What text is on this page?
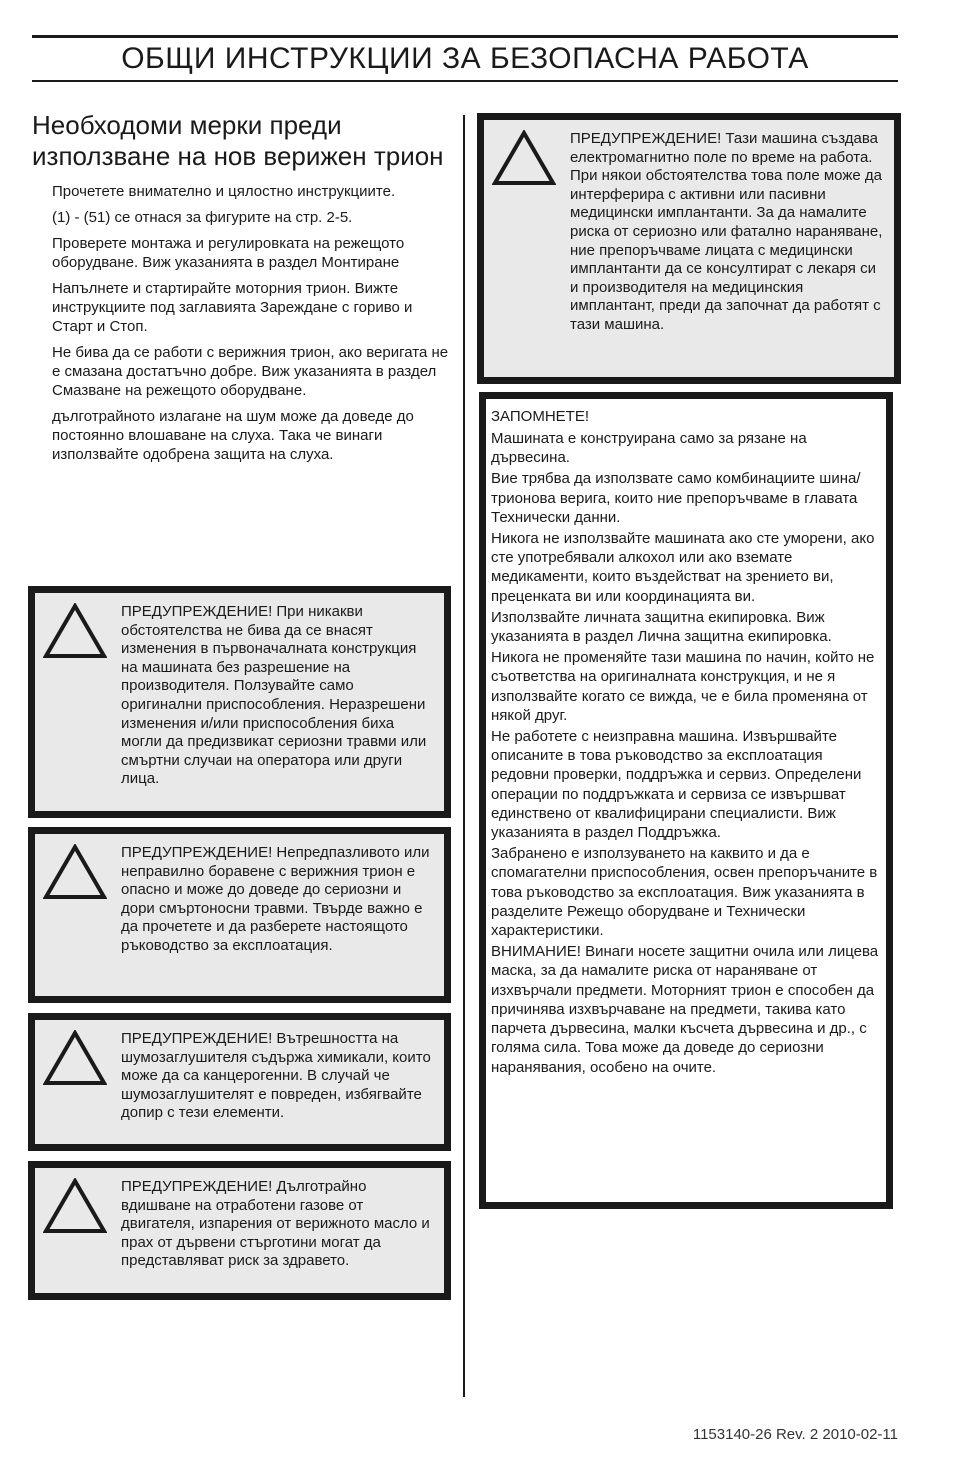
ОБЩИ ИНСТРУКЦИИ ЗА БЕЗОПАСНА РАБОТА
Необходоми мерки преди използване на нов верижен трион

Прочетете внимателно и цялостно инструкциите.

(1) - (51) се отнася за фигурите на стр. 2-5.

Проверете монтажа и регулировката на режещото оборудване. Виж указанията в раздел Монтиране

Напълнете и стартирайте моторния трион. Вижте инструкциите под заглавията Зареждане с гориво и Старт и Стоп.

Не бива да се работи с верижния трион, ако веригата не е смазана достатъчно добре. Виж указанията в раздел Смазване на режещото оборудване.

дълготрайното излагане на шум може да доведе до постоянно влошаване на слуха. Така че винаги използвайте одобрена защита на слуха.

ПРЕДУПРЕЖДЕНИЕ! При никакви обстоятелства не бива да се внасят изменения в първоначалната конструкция на машината без разрешение на производителя. Ползувайте само оригинални приспособления. Неразрешени изменения и/или приспособления биха могли да предизвикат сериозни травми или смъртни случаи на оператора или други лица.

ПРЕДУПРЕЖДЕНИЕ! Непредпазливото или неправилно боравене с верижния трион е опасно и може до доведе до сериозни и дори смъртоносни травми. Твърде важно е да прочетете и да разберете настоящото ръководство за експлоатация.

ПРЕДУПРЕЖДЕНИЕ! Вътрешността на шумозаглушителя съдържа химикали, които може да са канцерогенни. В случай че шумозаглушителят е повреден, избягвайте допир с тези елементи.

ПРЕДУПРЕЖДЕНИЕ! Дълготрайно вдишване на отработени газове от двигателя, изпарения от верижното масло и прах от дървени стърготини могат да представляват риск за здравето.

ПРЕДУПРЕЖДЕНИЕ! Тази машина създава електромагнитно поле по време на работа. При някои обстоятелства това поле може да интерферира с активни или пасивни медицински имплантанти. За да намалите риска от сериозно или фатално нараняване, ние препоръчваме лицата с медицински имплантанти да се консултират с лекаря си и производителя на медицинския имплантант, преди да започнат да работят с тази машина.

ЗАПОМНЕТЕ!

Машината е конструирана само за рязане на дървесина.

Вие трябва да използвате само комбинациите шина/трионова верига, които ние препоръчваме в главата Технически данни.

Никога не използвайте машината ако сте уморени, ако сте употребявали алкохол или ако вземате медикаменти, които въздействат на зрението ви, преценката ви или координацията ви.

Използвайте личната защитна екипировка. Виж указанията в раздел Лична защитна екипировка.

Никога не променяйте тази машина по начин, който не съответства на оригиналната конструкция, и не я използвайте когато се вижда, че е била променяна от някой друг.

Не работете с неизправна машина. Извършвайте описаните в това ръководство за експлоатация редовни проверки, поддръжка и сервиз. Определени операции по поддръжката и сервиза се извършват единствено от квалифицирани специалисти. Виж указанията в раздел Поддръжка.

Забранено е използуването на каквито и да е спомагателни приспособления, освен препоръчаните в това ръководство за експлоатация. Виж указанията в разделите Режещо оборудване и Технически характеристики.

ВНИМАНИЕ! Винаги носете защитни очила или лицева маска, за да намалите риска от нараняване от изхвърчали предмети. Моторният трион е способен да причинява изхвърчаване на предмети, такива като парчета дървесина, малки късчета дървесина и др., с голяма сила. Това може да доведе до сериозни наранявания, особено на очите.

1153140-26 Rev. 2 2010-02-11
